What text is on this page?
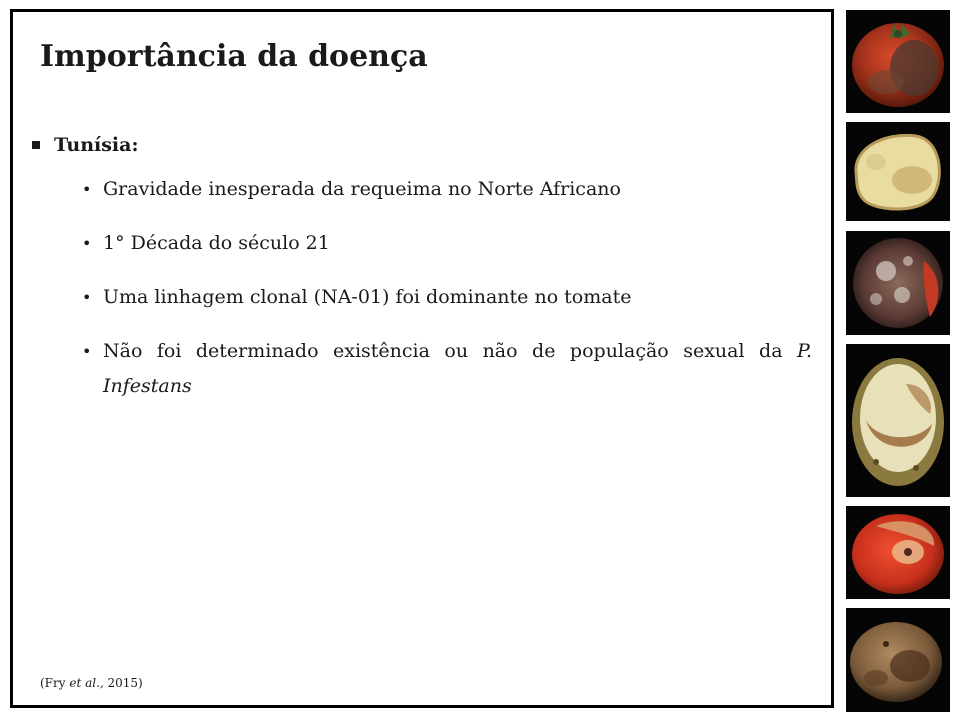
Importância da doença
Tunísia:
• Gravidade inesperada da requeima no Norte Africano
• 1° Década do século 21
• Uma linhagem clonal (NA-01) foi dominante no tomate
• Não foi determinado existência ou não de população sexual da P. Infestans
(Fry et al., 2015)
